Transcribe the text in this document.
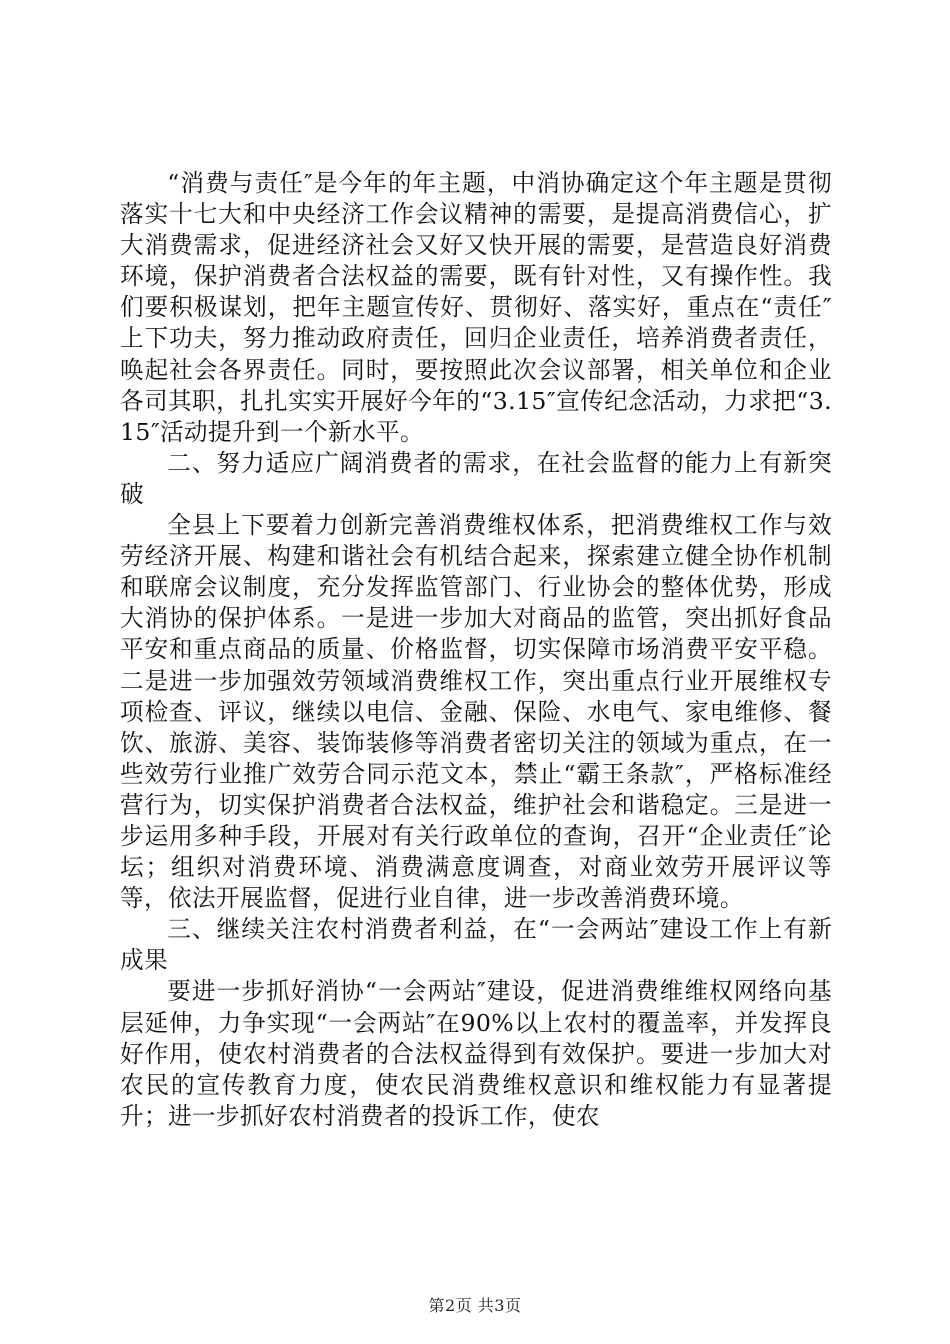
“消费与责任″是今年的年主题，中消协确定这个年主题是贯彻落实十七大和中央经济工作会议精神的需要，是提高消费信心，扩大消费需求，促进经济社会又好又快开展的需要，是营造良好消费环境，保护消费者合法权益的需要，既有针对性，又有操作性。我们要积极谋划，把年主题宣传好、贯彻好、落实好，重点在“责任″上下功夫，努力推动政府责任，回归企业责任，培养消费者责任，唤起社会各界责任。同时，要按照此次会议部署，相关单位和企业各司其职，扎扎实实开展好今年的“3.15″宣传纪念活动，力求把“3.15″活动提升到一个新水平。

二、努力适应广阔消费者的需求，在社会监督的能力上有新突破

全县上下要着力创新完善消费维权体系，把消费维权工作与效劳经济开展、构建和谐社会有机结合起来，探索建立健全协作机制和联席会议制度，充分发挥监管部门、行业协会的整体优势，形成大消协的保护体系。一是进一步加大对商品的监管，突出抓好食品平安和重点商品的质量、价格监督，切实保障市场消费平安平稳。二是进一步加强效劳领域消费维权工作，突出重点行业开展维权专项检查、评议，继续以电信、金融、保险、水电气、家电维修、餐饮、旅游、美容、装饰装修等消费者密切关注的领域为重点，在一些效劳行业推广效劳合同示范文本，禁止“霸王条款″，严格标准经营行为，切实保护消费者合法权益，维护社会和谐稳定。三是进一步运用多种手段，开展对有关行政单位的查询，召开“企业责任″论坛；组织对消费环境、消费满意度调查，对商业效劳开展评议等等，依法开展监督，促进行业自律，进一步改善消费环境。

三、继续关注农村消费者利益，在“一会两站″建设工作上有新成果

要进一步抓好消协“一会两站″建设，促进消费维维权网络向基层延伸，力争实现“一会两站″在90%以上农村的覆盖率，并发挥良好作用，使农村消费者的合法权益得到有效保护。要进一步加大对农民的宣传教育力度，使农民消费维权意识和维权能力有显著提升；进一步抓好农村消费者的投诉工作，使农

第2页 共3页
